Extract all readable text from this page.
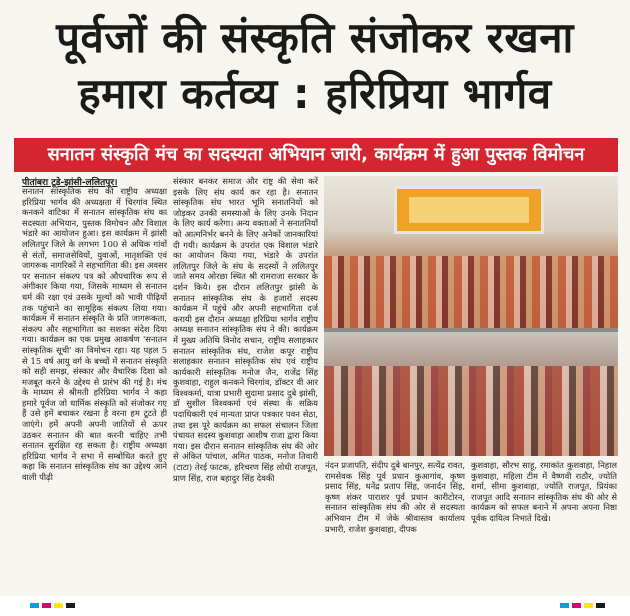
पूर्वजों की संस्कृति संजोकर रखना
हमारा कर्तव्य : हरिप्रिया भार्गव
सनातन संस्कृति मंच का सदस्यता अभियान जारी, कार्यक्रम में हुआ पुस्तक विमोचन
पीतांबरा टूडे-झांसी-ललितपुर।
सनातन सांस्कृतिक संघ की राष्ट्रीय अध्यक्षा हरिप्रिया भार्गव की अध्यक्षता में चिरगांव स्थित कनकने वाटिका में सनातन सांस्कृतिक संघ का सदस्यता अभियान, पुस्तक विमोचन और विशाल भंडारे का आयोजन हुआ। इस कार्यक्रम में झांसी ललितपुर जिले के लगभग 100 से अधिक गांवों से संतों, समाजसेवियों, युवाओं, मातृशक्ति एवं जागरूक नागरिकों ने सहभागिता की। इस अवसर पर सनातन संकल्प पत्र को औपचारिक रूप से अंगीकार किया गया, जिसके माध्यम से सनातन धर्म की रक्षा एवं उसके मूल्यों को भावी पीढ़ियों तक पहुंचाने का सामूहिक संकल्प लिया गया। कार्यक्रम में सनातन संस्कृति के प्रति जागरूकता, संकल्प और सहभागिता का सशक्त संदेश दिया गया। कार्यक्रम का एक प्रमुख आकर्षण 'सनातन सांस्कृतिक सूची' का विमोचन रहा। यह पहल 5 से 15 वर्ष आयु वर्ग के बच्चों में सनातन संस्कृति को सही समझ, संस्कार और वैचारिक दिशा को मजबूत करने के उद्देश्य से प्रारंभ की गई है। मंच के माध्यम से श्रीमती हरिप्रिया भार्गव ने कहा हमारे पूर्वज जो धार्मिक संस्कृति को संजोकर गए हैं उसे हमें बचाकर रखना है वरना हम टूटते ही जाएंगे। हमें अपनी अपनी जातियों से ऊपर उठकर सनातन की बात करनी चाहिए तभी सनातन सुरक्षित रह सकता है। राष्ट्रीय अध्यक्षा हरिप्रिया भार्गव ने सभा में सम्बोधित करते हुए कहा कि सनातन सांस्कृतिक संघ का उद्देश्य आने वाली पीढ़ी
संस्कार बनकर समाज और राष्ट्र की सेवा करें इसके लिए संघ कार्य कर रहा है। सनातन सांस्कृतिक संघ भारत भूमि सनातनियों को जोड़कर उनकी समस्याओं के लिए उनके निदान के लिए कार्य करेगा। अन्य वक्ताओं ने सनातनियों को आत्मनिर्भर बनने के लिए अनेकों जानकारियां दी गयी। कार्यक्रम के उपरांत एक विशाल भंडारे का आयोजन किया गया, भंडारे के उपरांत ललितपुर जिले के संघ के सदस्यों ने ललितपुर जाते समय ओरछा स्थित श्री रामराजा सरकार के दर्शन किये। इस दौरान ललितपुर झांसी के सनातन सांस्कृतिक संघ के हजारों सदस्य कार्यक्रम में पहुंचे और अपनी सहभागिता दर्ज करायी इस दौरान अध्यक्षा हरिप्रिया भार्गव राष्ट्रीय अध्यक्ष सनातन सांस्कृतिक संघ ने की। कार्यक्रम में मुख्य अतिथि विनोद सचान, राष्ट्रीय सलाहकार सनातन सांस्कृतिक संघ, राजेश कपूर राष्ट्रीय सलाहकार सनातन सांस्कृतिक संघ एवं राष्ट्रीय कार्यकारी सांस्कृतिक मनोज जैन, राजेंद्र सिंह कुशवाहा, राहुल कनकने चिरगांव, डॉक्टर वी आर विश्वकर्मा, यात्रा प्रभारी सुदामा प्रसाद दुबे झांसी, डॉ सुशील विश्वकर्मा एवं संस्था के सक्रिय पदाधिकारी एवं मान्यता प्राप्त पत्रकार पवन सेठा, तथा इस पूरे कार्यक्रम का सफल संचालन जिला पंचायत सदस्य कुशवाहा आशीष राजा द्वारा किया गया। इस दौरान सनातन सांस्कृतिक संघ की ओर से अंकित पांचाल, अमित पाठक, मनोज तिवारी (टाटा) तेरई फाटक, हरिचरण सिंह लोधी राजपूत, प्राण सिंह, राज बहादुर सिंह देवकी
नंदन प्रजापति, संदीप दुबे बानपुर, सत्येंद्र रावत, रामसेवक सिंह पूर्व प्रधान कुआगांव, कृष्ण प्रसाद सिंह, धनेंद्र प्रताप सिंह, जनार्दन सिंह, कृष्ण शंकर पाराशर पूर्व प्रधान कारीटोरन, सनातन सांस्कृतिक संघ की ओर से सदस्यता अभियान टीम में जेके श्रीवास्तव कार्यालय प्रभारी, राजेश कुशवाहा, दीपक
कुशवाहा, सौरभ साहू, रमाकांत कुशवाहा, निहाल कुशवाहा, महिला टीम में वैष्णवी राठौर, ज्योति शर्मा, सीमा कुशवाहा, ज्योति राजपूत, प्रियंका राजपूत आदि सनातन सांस्कृतिक संघ की ओर से कार्यक्रम को सफल बनाने में अपना अपना निष्ठा पूर्वक दायित्व निभाते दिखे।
